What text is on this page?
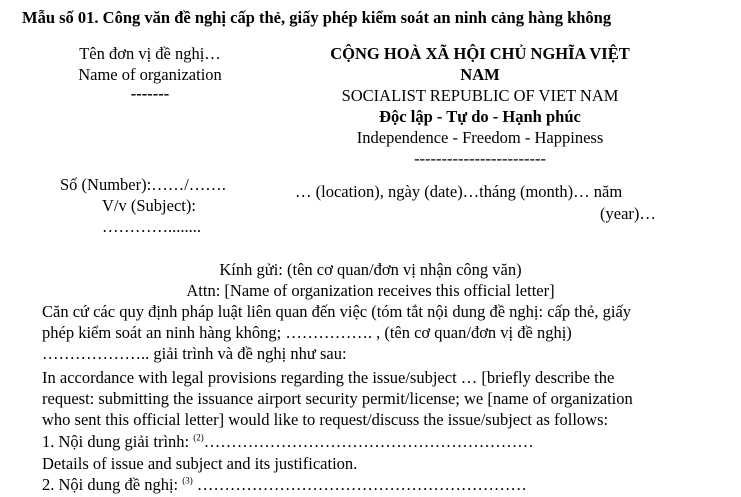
Mẫu số 01. Công văn đề nghị cấp thẻ, giấy phép kiểm soát an ninh cảng hàng không
Tên đơn vị đề nghị…
Name of organization
-------
Số (Number):……/…….
V/v (Subject):
…………........
CỘNG HOÀ XÃ HỘI CHỦ NGHĨA VIỆT
NAM
SOCIALIST REPUBLIC OF VIET NAM
Độc lập - Tự do - Hạnh phúc
Independence - Freedom - Happiness
------------------------
… (location), ngày (date)…tháng (month)… năm
(year)…
Kính gửi: (tên cơ quan/đơn vị nhận công văn)
Attn: [Name of organization receives this official letter]
Căn cứ các quy định pháp luật liên quan đến việc (tóm tắt nội dung đề nghị: cấp thẻ, giấy
phép kiểm soát an ninh hàng không; ……………. , (tên cơ quan/đơn vị đề nghị)
……………….. giải trình và đề nghị như sau:
In accordance with legal provisions regarding the issue/subject … [briefly describe the
request: submitting the issuance airport security permit/license; we [name of organization
who sent this official letter] would like to request/discuss the issue/subject as follows:
1. Nội dung giải trình: $^{(2)}$……………………………………………………
Details of issue and subject and its justification.
2. Nội dung đề nghị: $^{(3)}$ ……………………………………………………
